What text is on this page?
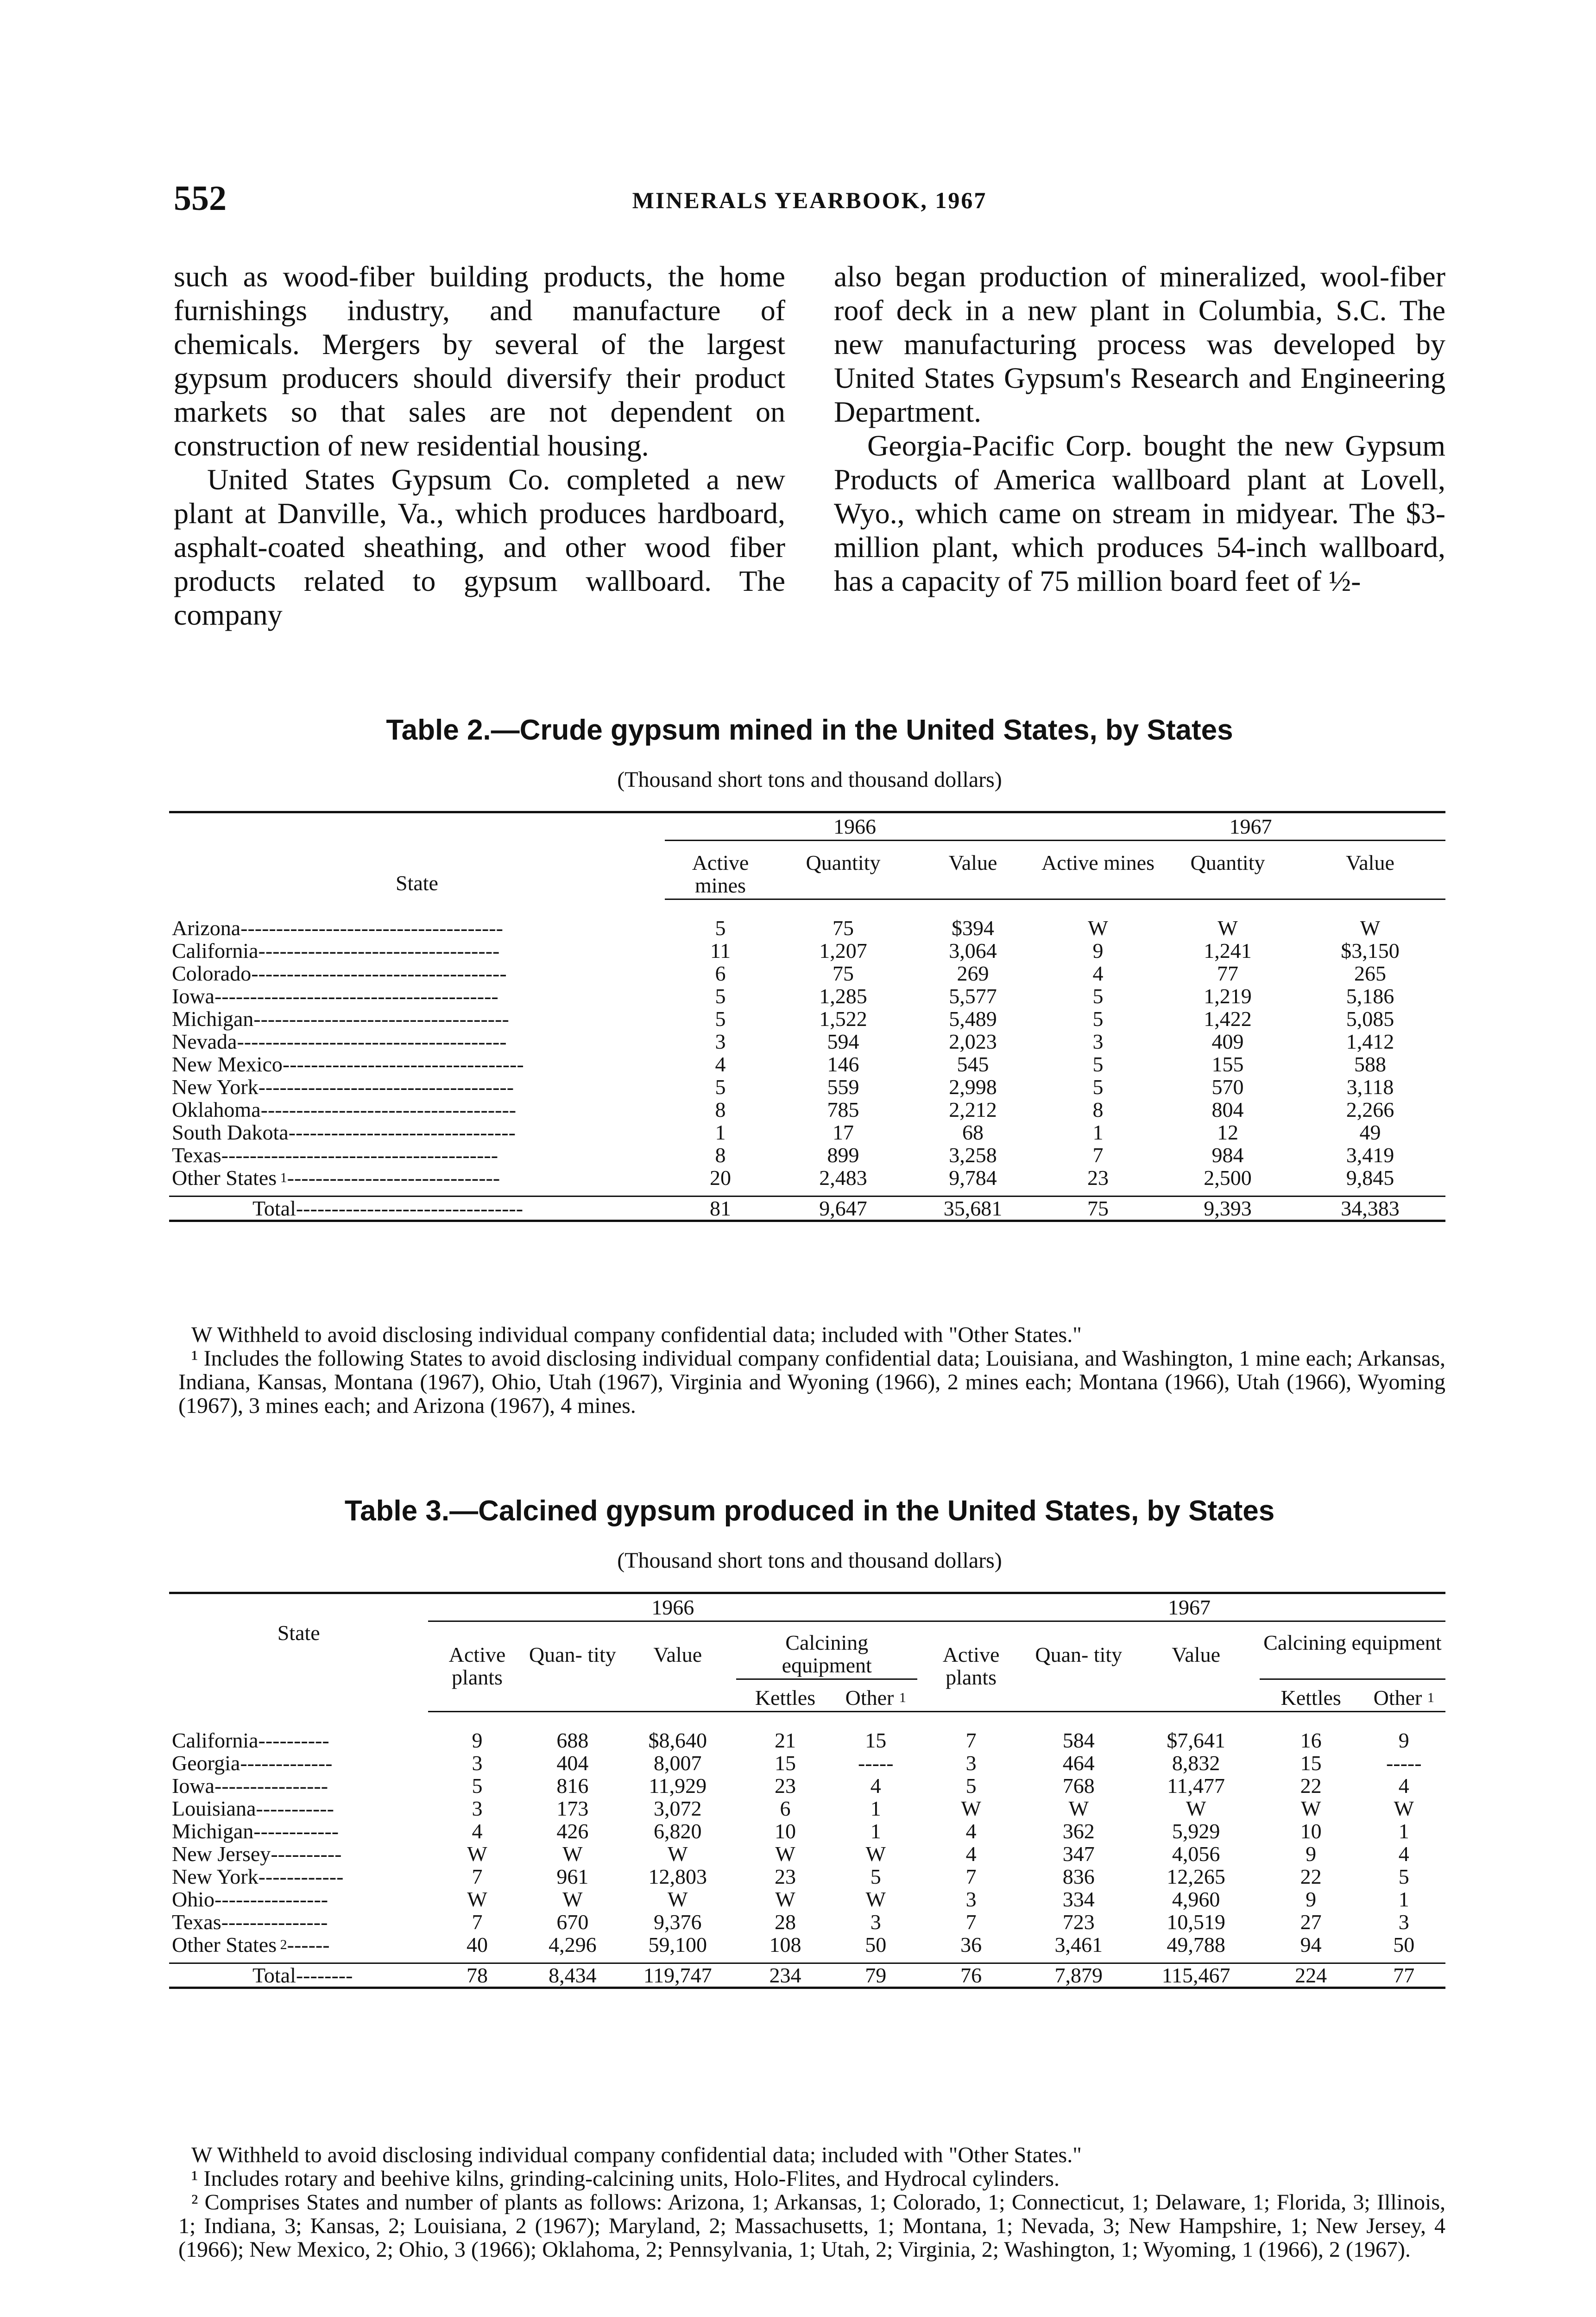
552	MINERALS YEARBOOK, 1967

such as wood-fiber building products, the home furnishings industry, and manufacture of chemicals. Mergers by several of the largest gypsum producers should diversify their product markets so that sales are not dependent on construction of new residential housing.

United States Gypsum Co. completed a new plant at Danville, Va., which produces hardboard, asphalt-coated sheathing, and other wood fiber products related to gypsum wallboard. The company

also began production of mineralized, wool-fiber roof deck in a new plant in Columbia, S.C. The new manufacturing process was developed by United States Gypsum's Research and Engineering Department.

Georgia-Pacific Corp. bought the new Gypsum Products of America wallboard plant at Lovell, Wyo., which came on stream in midyear. The $3-million plant, which produces 54-inch wallboard, has a capacity of 75 million board feet of ½-

Table 2.—Crude gypsum mined in the United States, by States
(Thousand short tons and thousand dollars)
State	1966			1967		
	Active mines	Quantity	Value	Active mines	Quantity	Value

Arizona-------------------------------------	5	75	$394	W	W	W
California----------------------------------	11	1,207	3,064	9	1,241	$3,150
Colorado------------------------------------	6	75	269	4	77	265
Iowa----------------------------------------	5	1,285	5,577	5	1,219	5,186
Michigan------------------------------------	5	1,522	5,489	5	1,422	5,085
Nevada--------------------------------------	3	594	2,023	3	409	1,412
New Mexico----------------------------------	4	146	545	5	155	588
New York------------------------------------	5	559	2,998	5	570	3,118
Oklahoma------------------------------------	8	785	2,212	8	804	2,266
South Dakota--------------------------------	1	17	68	1	12	49
Texas---------------------------------------	8	899	3,258	7	984	3,419
Other States $^1$------------------------------	20	2,483	9,784	23	2,500	9,845

Total--------------------------------	81	9,647	35,681	75	9,393	34,383

W Withheld to avoid disclosing individual company confidential data; included with "Other States."

¹ Includes the following States to avoid disclosing individual company confidential data; Louisiana, and Washington, 1 mine each; Arkansas, Indiana, Kansas, Montana (1967), Ohio, Utah (1967), Virginia and Wyoning (1966), 2 mines each; Montana (1966), Utah (1966), Wyoming (1967), 3 mines each; and Arizona (1967), 4 mines.

Table 3.—Calcined gypsum produced in the United States, by States
(Thousand short tons and thousand dollars)
State	1966					1967				
	Active plants	Quan- tity	Value	Calcining equipment		Active plants	Quan- tity	Value	Calcining equipment	
				Kettles	Other $^1$				Kettles	Other $^1$

California----------	9	688	$8,640	21	15	7	584	$7,641	16	9
Georgia-------------	3	404	8,007	15	-----	3	464	8,832	15	-----
Iowa----------------	5	816	11,929	23	4	5	768	11,477	22	4
Louisiana-----------	3	173	3,072	6	1	W	W	W	W	W
Michigan------------	4	426	6,820	10	1	4	362	5,929	10	1
New Jersey----------	W	W	W	W	W	4	347	4,056	9	4
New York------------	7	961	12,803	23	5	7	836	12,265	22	5
Ohio----------------	W	W	W	W	W	3	334	4,960	9	1
Texas---------------	7	670	9,376	28	3	7	723	10,519	27	3
Other States $^2$------	40	4,296	59,100	108	50	36	3,461	49,788	94	50

Total--------	78	8,434	119,747	234	79	76	7,879	115,467	224	77

W Withheld to avoid disclosing individual company confidential data; included with "Other States."

¹ Includes rotary and beehive kilns, grinding-calcining units, Holo-Flites, and Hydrocal cylinders.

² Comprises States and number of plants as follows: Arizona, 1; Arkansas, 1; Colorado, 1; Connecticut, 1; Delaware, 1; Florida, 3; Illinois, 1; Indiana, 3; Kansas, 2; Louisiana, 2 (1967); Maryland, 2; Massachusetts, 1; Montana, 1; Nevada, 3; New Hampshire, 1; New Jersey, 4 (1966); New Mexico, 2; Ohio, 3 (1966); Oklahoma, 2; Pennsylvania, 1; Utah, 2; Virginia, 2; Washington, 1; Wyoming, 1 (1966), 2 (1967).
